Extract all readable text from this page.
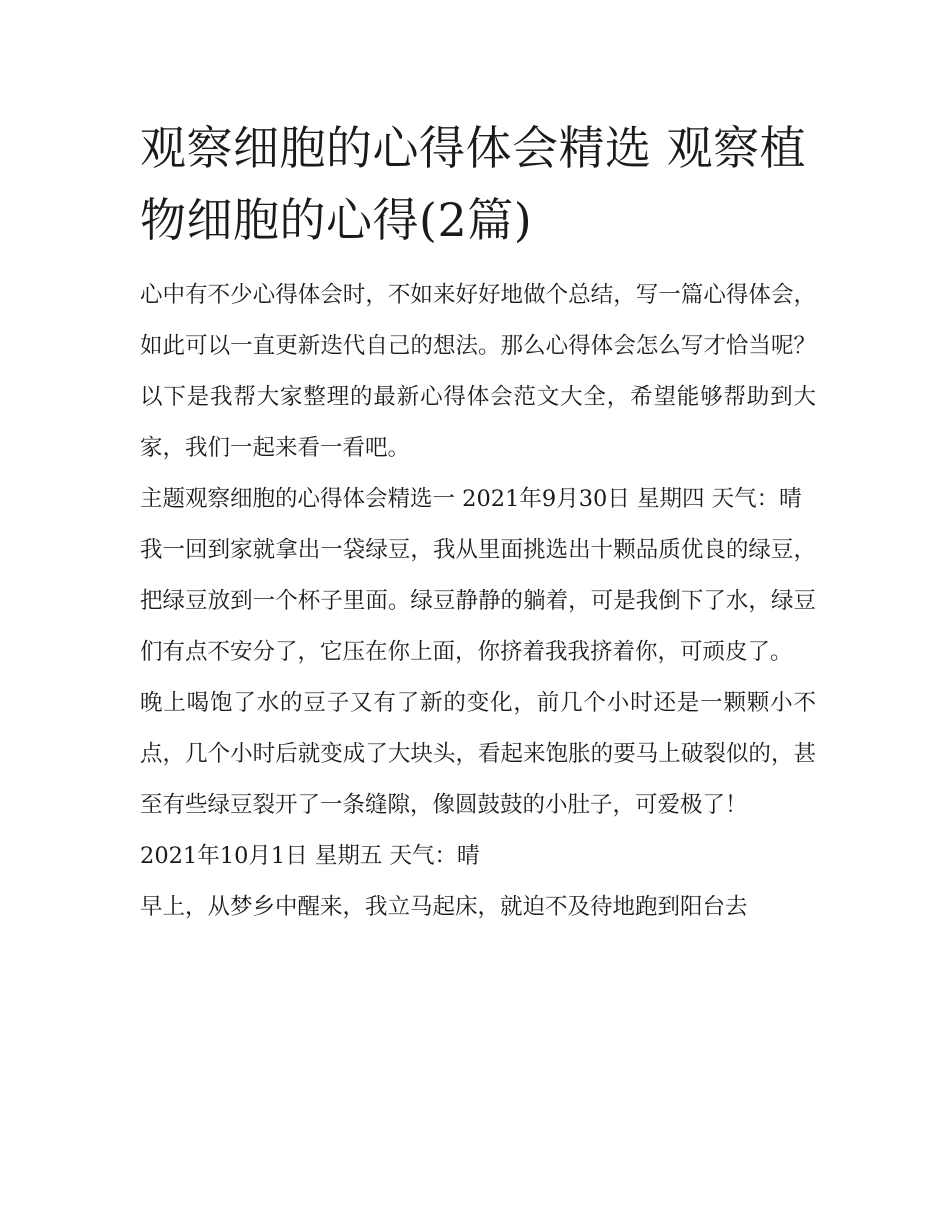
观察细胞的心得体会精选 观察植物细胞的心得(2篇)

心中有不少心得体会时，不如来好好地做个总结，写一篇心得体会，如此可以一直更新迭代自己的想法。那么心得体会怎么写才恰当呢？以下是我帮大家整理的最新心得体会范文大全，希望能够帮助到大家，我们一起来看一看吧。

主题观察细胞的心得体会精选一 2021年9月30日 星期四 天气：晴

我一回到家就拿出一袋绿豆，我从里面挑选出十颗品质优良的绿豆，把绿豆放到一个杯子里面。绿豆静静的躺着，可是我倒下了水，绿豆们有点不安分了，它压在你上面，你挤着我我挤着你，可顽皮了。

晚上喝饱了水的豆子又有了新的变化，前几个小时还是一颗颗小不点，几个小时后就变成了大块头，看起来饱胀的要马上破裂似的，甚至有些绿豆裂开了一条缝隙，像圆鼓鼓的小肚子，可爱极了！

2021年10月1日 星期五 天气：晴

早上，从梦乡中醒来，我立马起床，就迫不及待地跑到阳台去
